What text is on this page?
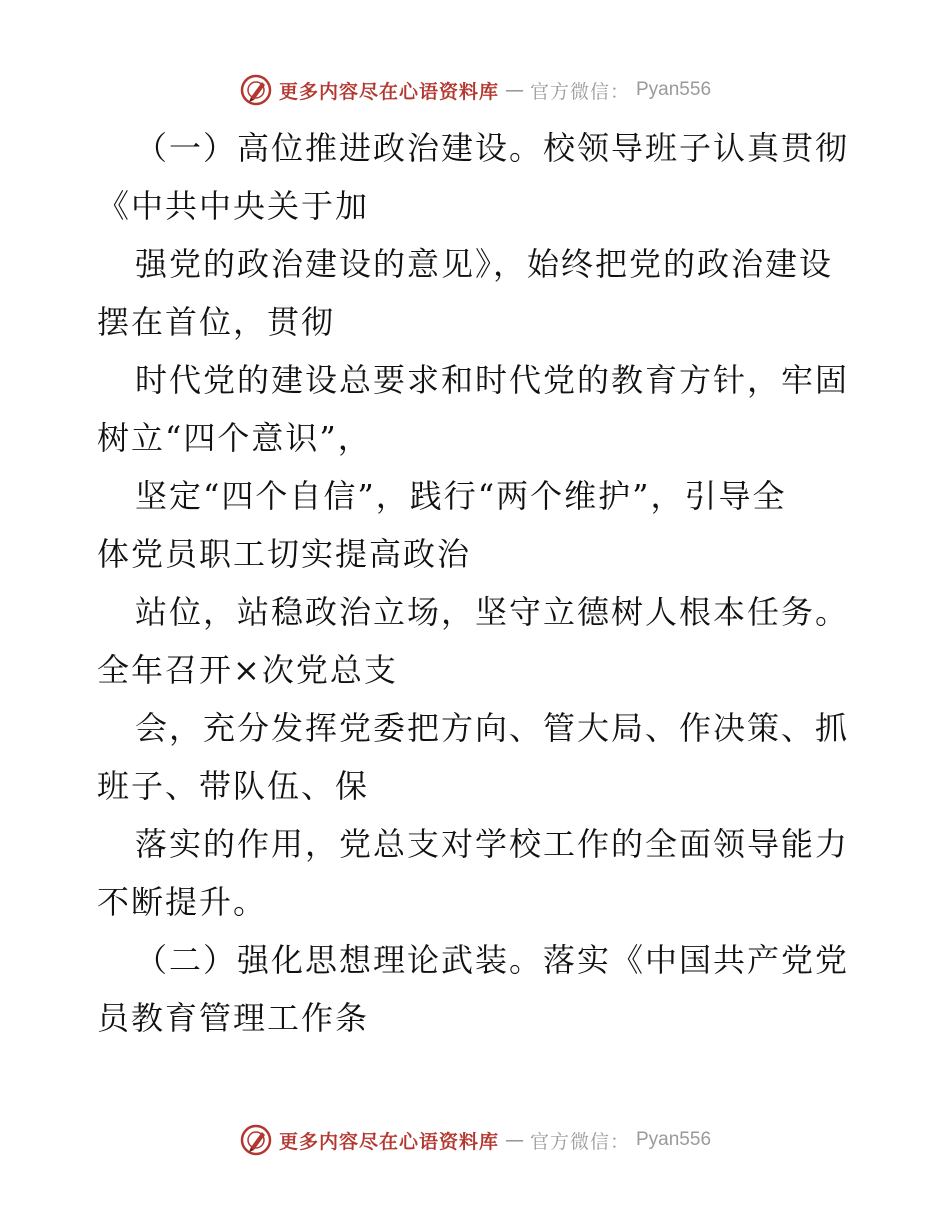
更多内容尽在心语资料库 — 官方微信： Pyan556
（一）高位推进政治建设。校领导班子认真贯彻
《中共中央关于加
强党的政治建设的意见》，始终把党的政治建设
摆在首位，贯彻
时代党的建设总要求和时代党的教育方针，牢固
树立“四个意识”，
坚定“四个自信”，践行“两个维护”，引导全
体党员职工切实提高政治
站位，站稳政治立场，坚守立德树人根本任务。
全年召开×次党总支
会，充分发挥党委把方向、管大局、作决策、抓
班子、带队伍、保
落实的作用，党总支对学校工作的全面领导能力
不断提升。
（二）强化思想理论武装。落实《中国共产党党
员教育管理工作条
更多内容尽在心语资料库 — 官方微信： Pyan556
